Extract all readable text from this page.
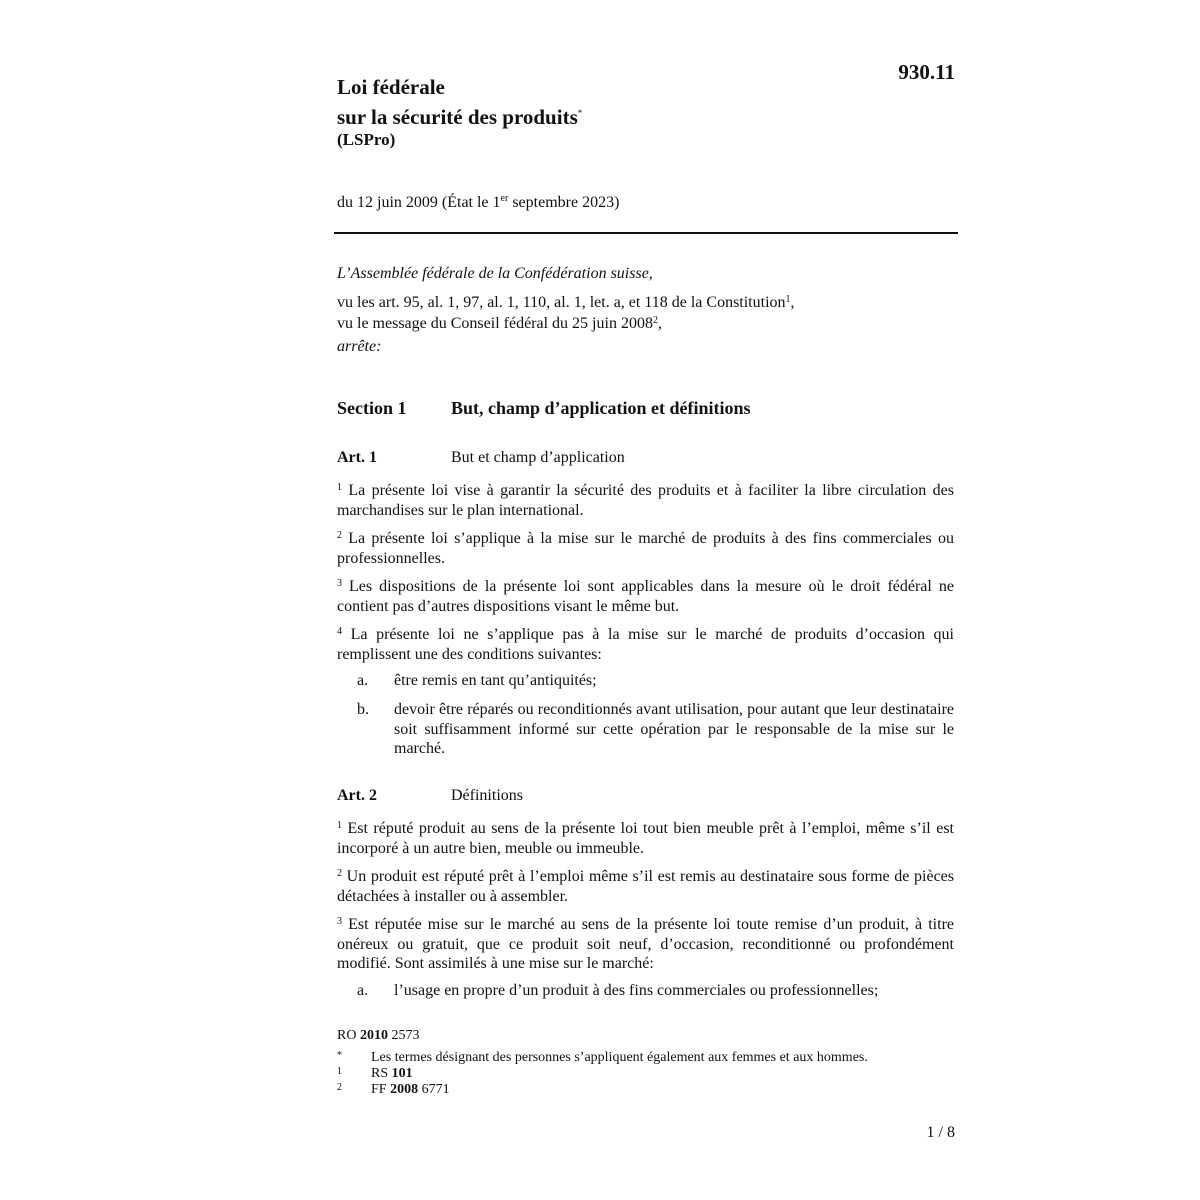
930.11
Loi fédérale
sur la sécurité des produits*
(LSPro)
du 12 juin 2009 (État le 1er septembre 2023)
L’Assemblée fédérale de la Confédération suisse,
vu les art. 95, al. 1, 97, al. 1, 110, al. 1, let. a, et 118 de la Constitution$^1$,
vu le message du Conseil fédéral du 25 juin 2008$^2$,
arrête:
Section 1 But, champ d’application et définitions
Art. 1	But et champ d’application
$^1$ La présente loi vise à garantir la sécurité des produits et à faciliter la libre circulation des marchandises sur le plan international.
$^2$ La présente loi s’applique à la mise sur le marché de produits à des fins commerciales ou professionnelles.
$^3$ Les dispositions de la présente loi sont applicables dans la mesure où le droit fédéral ne contient pas d’autres dispositions visant le même but.
$^4$ La présente loi ne s’applique pas à la mise sur le marché de produits d’occasion qui remplissent une des conditions suivantes:
a. être remis en tant qu’antiquités;
b. devoir être réparés ou reconditionnés avant utilisation, pour autant que leur destinataire soit suffisamment informé sur cette opération par le responsable de la mise sur le marché.
Art. 2	Définitions
$^1$ Est réputé produit au sens de la présente loi tout bien meuble prêt à l’emploi, même s’il est incorporé à un autre bien, meuble ou immeuble.
$^2$ Un produit est réputé prêt à l’emploi même s’il est remis au destinataire sous forme de pièces détachées à installer ou à assembler.
$^3$ Est réputée mise sur le marché au sens de la présente loi toute remise d’un produit, à titre onéreux ou gratuit, que ce produit soit neuf, d’occasion, reconditionné ou profondément modifié. Sont assimilés à une mise sur le marché:
a. l’usage en propre d’un produit à des fins commerciales ou professionnelles;
RO 2010 2573
* Les termes désignant des personnes s’appliquent également aux femmes et aux hommes.
1 RS 101
2 FF 2008 6771
1 / 8
